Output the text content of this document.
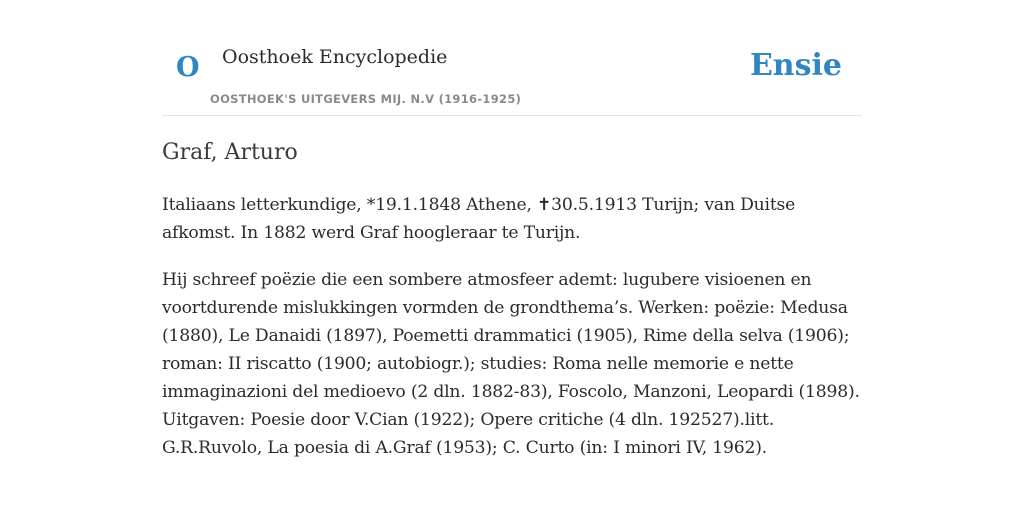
O Oosthoek Encyclopedie
OOSTHOEK'S UITGEVERS MIJ. N.V (1916-1925)
Ensie
Graf, Arturo

Italiaans letterkundige, *19.1.1848 Athene, ✝30.5.1913 Turijn; van Duitse afkomst. In 1882 werd Graf hoogleraar te Turijn.

Hij schreef poëzie die een sombere atmosfeer ademt: lugubere visioenen en voortdurende mislukkingen vormden de grondthema’s. Werken: poëzie: Medusa (1880), Le Danaidi (1897), Poemetti drammatici (1905), Rime della selva (1906); roman: II riscatto (1900; autobiogr.); studies: Roma nelle memorie e nette immaginazioni del medioevo (2 dln. 1882-83), Foscolo, Manzoni, Leopardi (1898). Uitgaven: Poesie door V.Cian (1922); Opere critiche (4 dln. 192527).litt. G.R.Ruvolo, La poesia di A.Graf (1953); C. Curto (in: I minori IV, 1962).
